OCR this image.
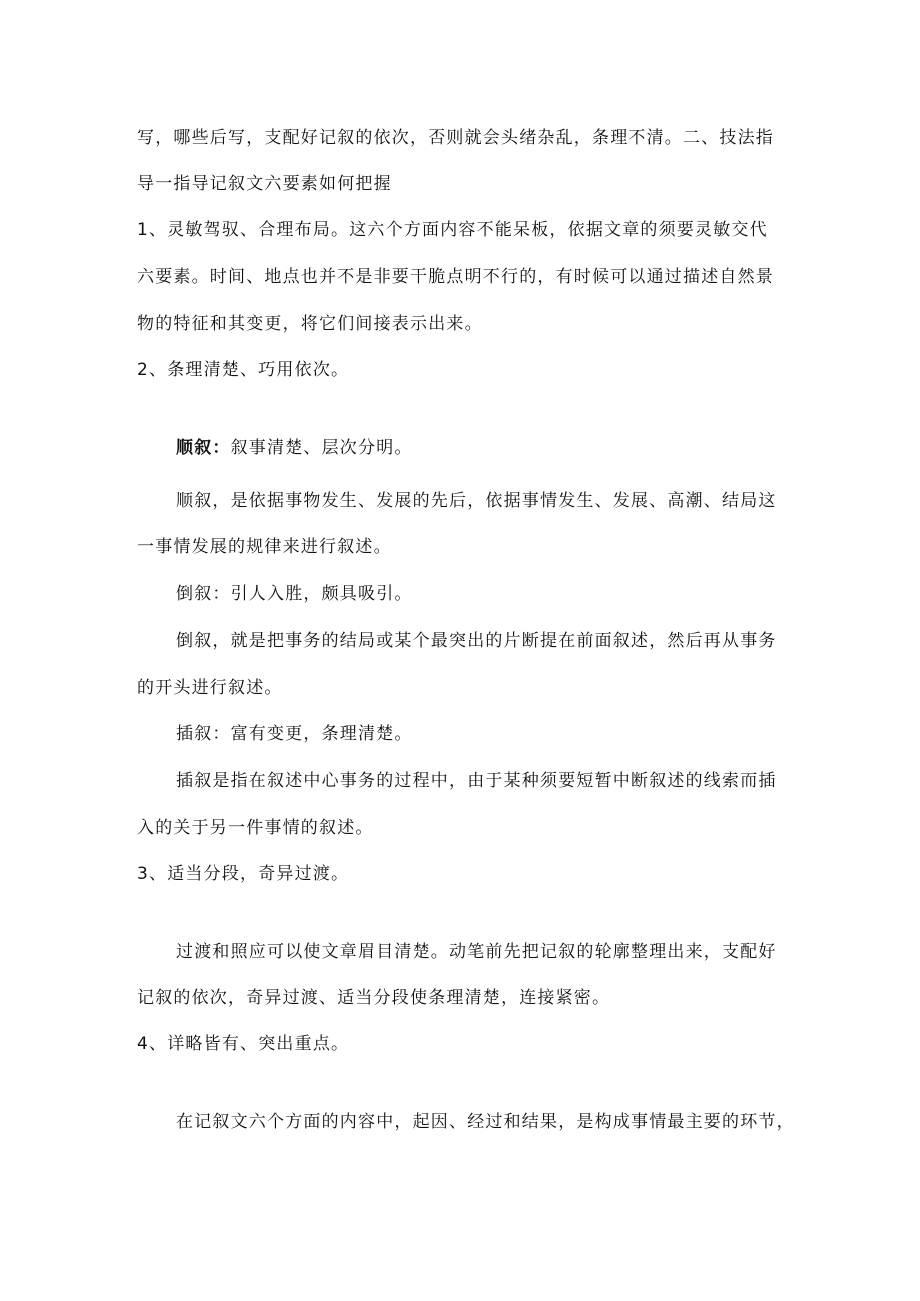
写，哪些后写，支配好记叙的依次，否则就会头绪杂乱，条理不清。二、技法指
导一指导记叙文六要素如何把握
1、灵敏驾驭、合理布局。这六个方面内容不能呆板，依据文章的须要灵敏交代
六要素。时间、地点也并不是非要干脆点明不行的，有时候可以通过描述自然景
物的特征和其变更，将它们间接表示出来。
2、条理清楚、巧用依次。
顺叙：叙事清楚、层次分明。
顺叙，是依据事物发生、发展的先后，依据事情发生、发展、高潮、结局这
一事情发展的规律来进行叙述。
倒叙：引人入胜，颇具吸引。
倒叙，就是把事务的结局或某个最突出的片断提在前面叙述，然后再从事务
的开头进行叙述。
插叙：富有变更，条理清楚。
插叙是指在叙述中心事务的过程中，由于某种须要短暂中断叙述的线索而插
入的关于另一件事情的叙述。
3、适当分段，奇异过渡。
过渡和照应可以使文章眉目清楚。动笔前先把记叙的轮廓整理出来，支配好
记叙的依次，奇异过渡、适当分段使条理清楚，连接紧密。
4、详略皆有、突出重点。
在记叙文六个方面的内容中，起因、经过和结果，是构成事情最主要的环节，
